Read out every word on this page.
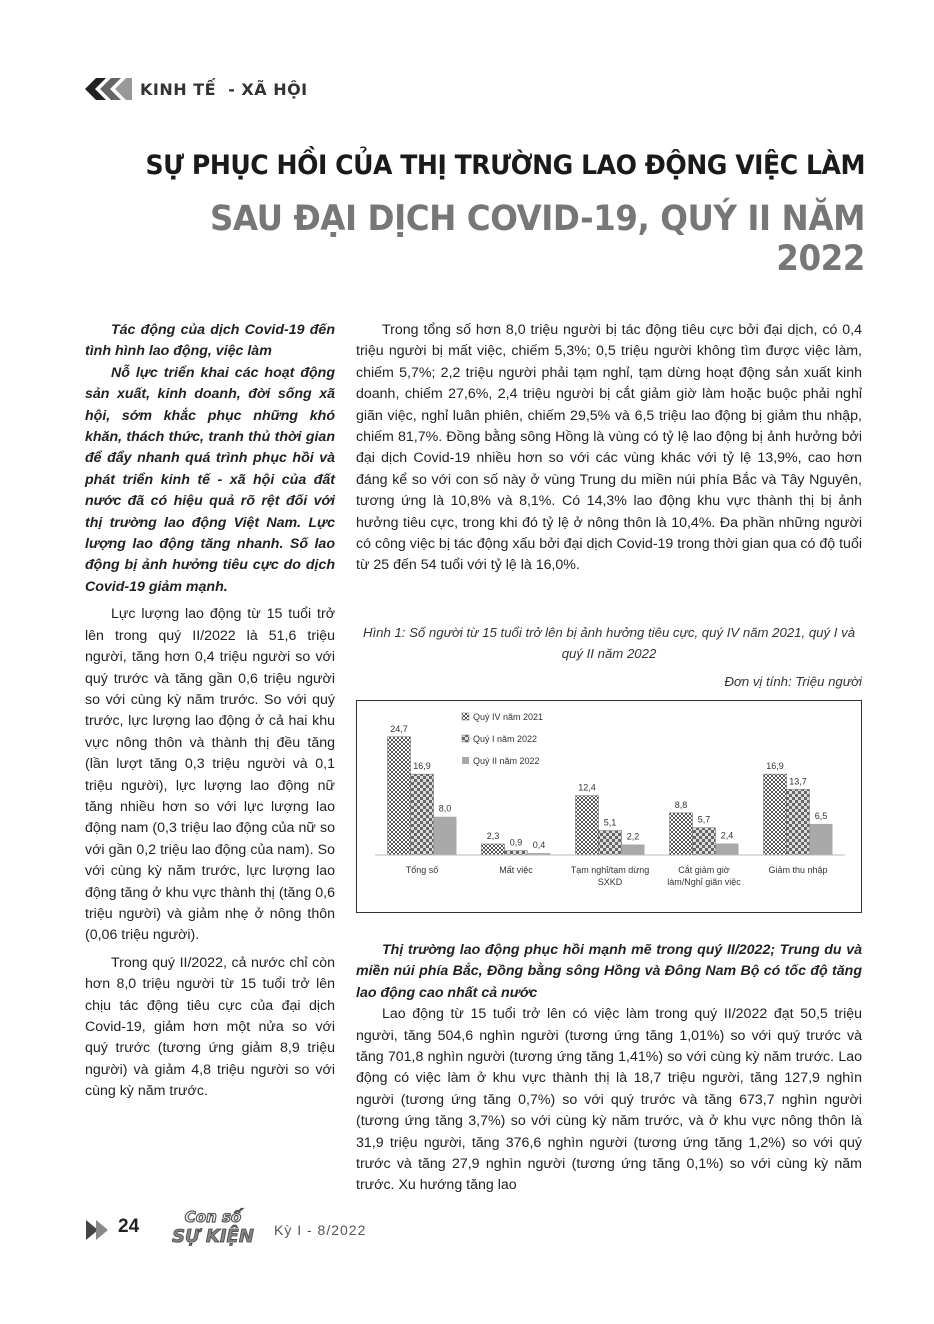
KINH TẾ  - XÃ HỘI
SỰ PHỤC HỒI CỦA THỊ TRƯỜNG LAO ĐỘNG VIỆC LÀM
SAU ĐẠI DỊCH COVID-19, QUÝ II NĂM 2022

Tác động của dịch Covid-19 đến tình hình lao động, việc làm

Nỗ lực triển khai các hoạt động sản xuất, kinh doanh, đời sống xã hội, sớm khắc phục những khó khăn, thách thức, tranh thủ thời gian để đẩy nhanh quá trình phục hồi và phát triển kinh tế - xã hội của đất nước đã có hiệu quả rõ rệt đối với thị trường lao động Việt Nam. Lực lượng lao động tăng nhanh. Số lao động bị ảnh hưởng tiêu cực do dịch Covid-19 giảm mạnh.

Lực lượng lao động từ 15 tuổi trở lên trong quý II/2022 là 51,6 triệu người, tăng hơn 0,4 triệu người so với quý trước và tăng gần 0,6 triệu người so với cùng kỳ năm trước. So với quý trước, lực lượng lao động ở cả hai khu vực nông thôn và thành thị đều tăng (lần lượt tăng 0,3 triệu người và 0,1 triệu người), lực lượng lao động nữ tăng nhiều hơn so với lực lượng lao động nam (0,3 triệu lao động của nữ so với gần 0,2 triệu lao động của nam). So với cùng kỳ năm trước, lực lượng lao động tăng ở khu vực thành thị (tăng 0,6 triệu người) và giảm nhẹ ở nông thôn (0,06 triệu người).

Trong quý II/2022, cả nước chỉ còn hơn 8,0 triệu người từ 15 tuổi trở lên chịu tác động tiêu cực của đại dịch Covid-19, giảm hơn một nửa so với quý trước (tương ứng giảm 8,9 triệu người) và giảm 4,8 triệu người so với cùng kỳ năm trước.

Trong tổng số hơn 8,0 triệu người bị tác động tiêu cực bởi đại dịch, có 0,4 triệu người bị mất việc, chiếm 5,3%; 0,5 triệu người không tìm được việc làm, chiếm 5,7%; 2,2 triệu người phải tạm nghỉ, tạm dừng hoạt động sản xuất kinh doanh, chiếm 27,6%, 2,4 triệu người bị cắt giảm giờ làm hoặc buộc phải nghỉ giãn việc, nghỉ luân phiên, chiếm 29,5% và 6,5 triệu lao động bị giảm thu nhập, chiếm 81,7%. Đồng bằng sông Hồng là vùng có tỷ lệ lao động bị ảnh hưởng bởi đại dịch Covid-19 nhiều hơn so với các vùng khác với tỷ lệ 13,9%, cao hơn đáng kể so với con số này ở vùng Trung du miền núi phía Bắc và Tây Nguyên, tương ứng là 10,8% và 8,1%. Có 14,3% lao động khu vực thành thị bị ảnh hưởng tiêu cực, trong khi đó tỷ lệ ở nông thôn là 10,4%. Đa phần những người có công việc bị tác động xấu bởi đại dịch Covid-19 trong thời gian qua có độ tuổi từ 25 đến 54 tuổi với tỷ lệ là 16,0%.

Hình 1: Số người từ 15 tuổi trở lên bị ảnh hưởng tiêu cực, quý IV năm 2021, quý I và quý II năm 2022
Đơn vị tính: Triệu người
24,7
16,9
8,0
Tổng số
2,3
0,9 0,4
Mất việc
12,4
5,1
2,2
Tạm nghỉ/tạm dừng
SXKD
8,8
5,7
2,4
Cắt giảm giờ
làm/Nghỉ giãn việc
16,9
13,7
6,5
Giảm thu nhập
Quý IV năm 2021
Quý I năm 2022
Quý II năm 2022

Thị trường lao động phục hồi mạnh mẽ trong quý II/2022; Trung du và miền núi phía Bắc, Đồng bằng sông Hồng và Đông Nam Bộ có tốc độ tăng lao động cao nhất cả nước

Lao động từ 15 tuổi trở lên có việc làm trong quý II/2022 đạt 50,5 triệu người, tăng 504,6 nghìn người (tương ứng tăng 1,01%) so với quý trước và tăng 701,8 nghìn người (tương ứng tăng 1,41%) so với cùng kỳ năm trước. Lao động có việc làm ở khu vực thành thị là 18,7 triệu người, tăng 127,9 nghìn người (tương ứng tăng 0,7%) so với quý trước và tăng 673,7 nghìn người (tương ứng tăng 3,7%) so với cùng kỳ năm trước, và ở khu vực nông thôn là 31,9 triệu người, tăng 376,6 nghìn người (tương ứng tăng 1,2%) so với quý trước và tăng 27,9 nghìn người (tương ứng tăng 0,1%) so với cùng kỳ năm trước. Xu hướng tăng lao

24	Con số
SỰ KIỆN Kỳ I - 8/2022
